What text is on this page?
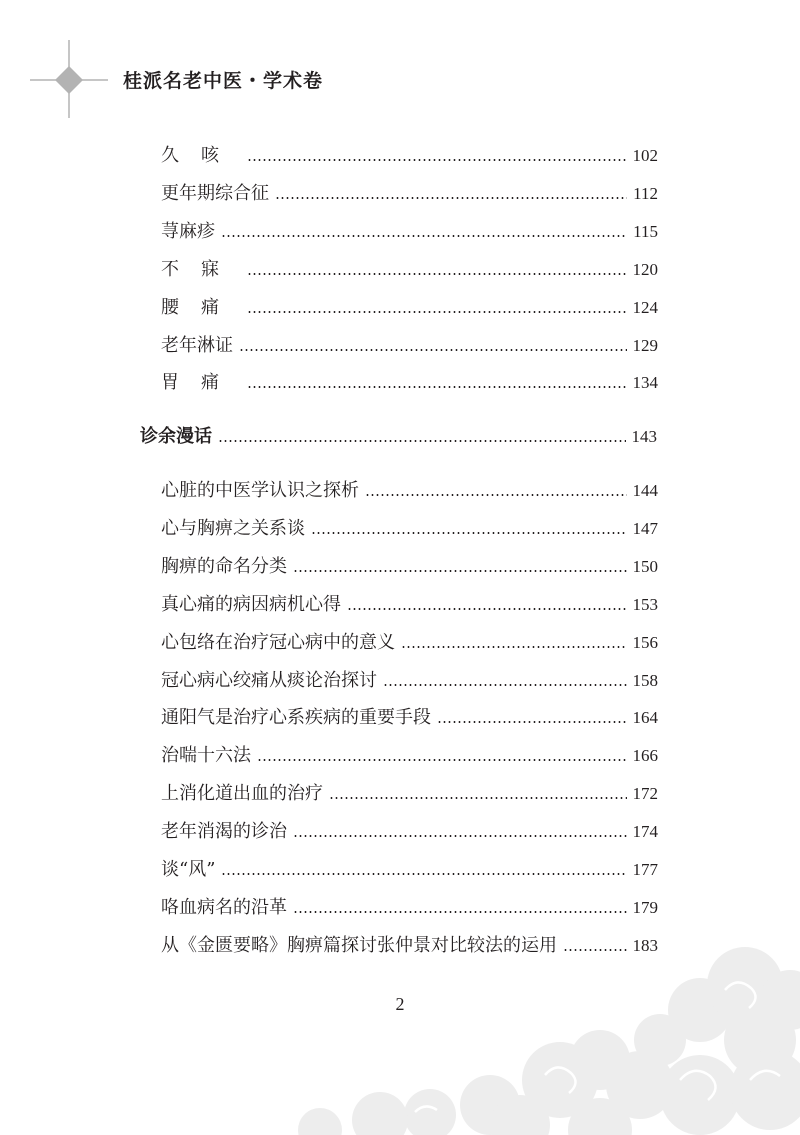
桂派名老中医・学术卷
久咳	102
更年期综合征	112
荨麻疹	115
不寐	120
腰痛	124
老年淋证	129
胃痛	134
诊余漫话	143
心脏的中医学认识之探析	144
心与胸痹之关系谈	147
胸痹的命名分类	150
真心痛的病因病机心得	153
心包络在治疗冠心病中的意义	156
冠心病心绞痛从痰论治探讨	158
通阳气是治疗心系疾病的重要手段	164
治喘十六法	166
上消化道出血的治疗	172
老年消渴的诊治	174
谈“风”	177
咯血病名的沿革	179
从《金匮要略》胸痹篇探讨张仲景对比较法的运用	183
2
